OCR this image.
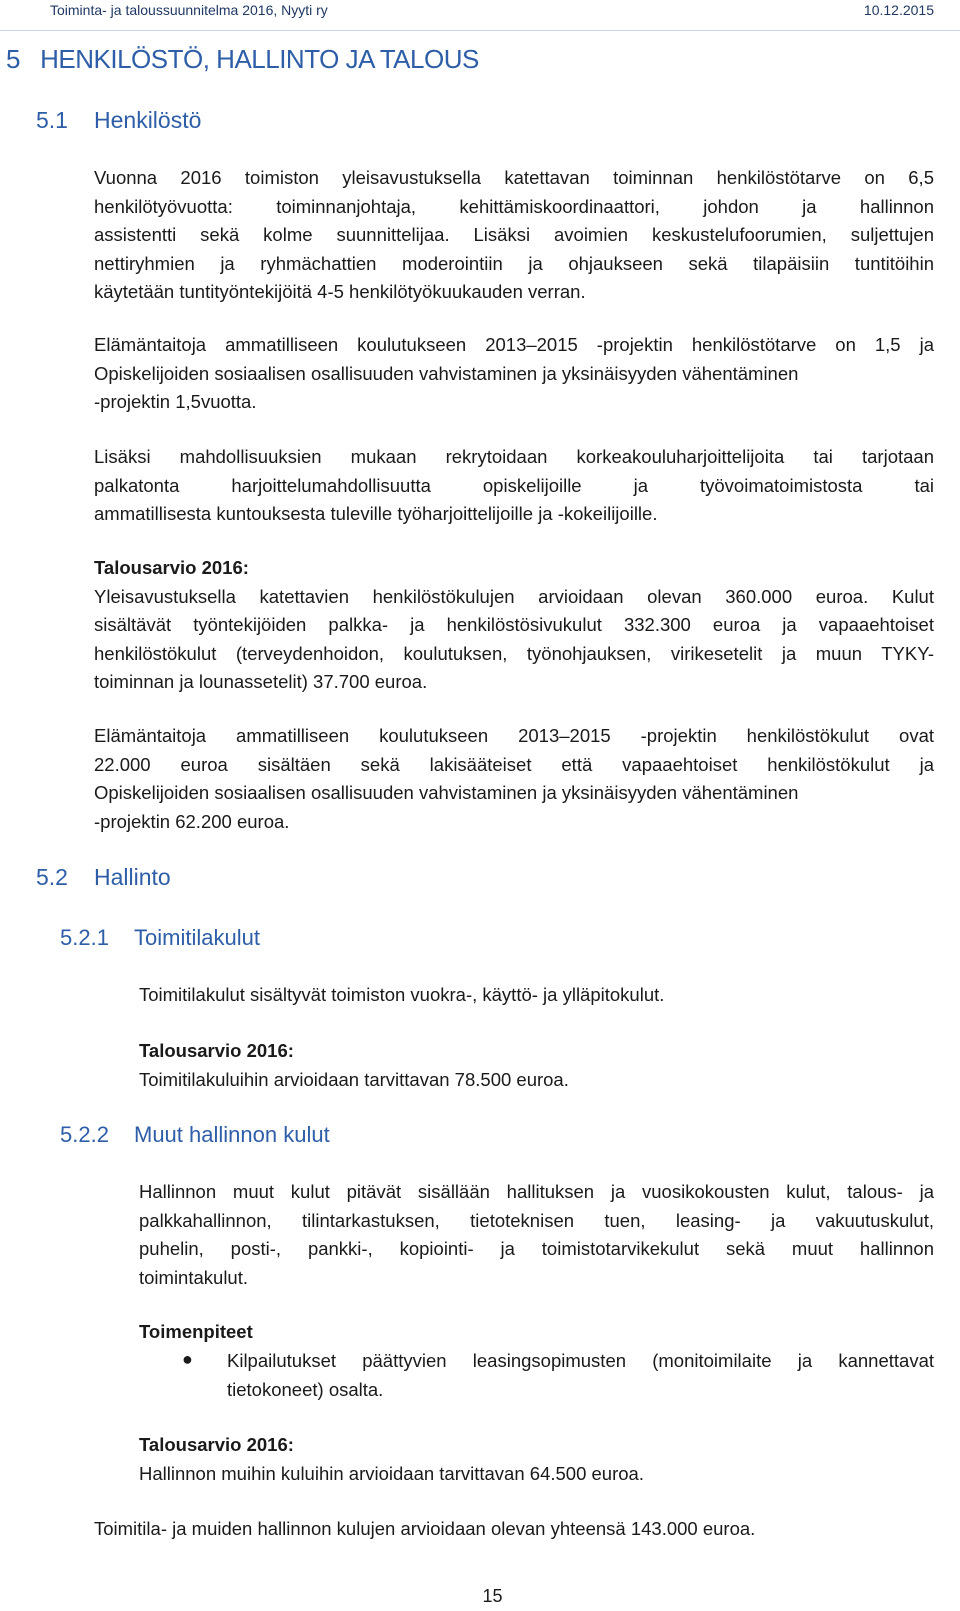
Toiminta- ja taloussuunnitelma 2016, Nyyti ry	10.12.2015
5   HENKILÖSTÖ, HALLINTO JA TALOUS
5.1 Henkilöstö
Vuonna 2016 toimiston yleisavustuksella katettavan toiminnan henkilöstötarve on 6,5
henkilötyövuotta: toiminnanjohtaja, kehittämiskoordinaattori, johdon ja hallinnon
assistentti sekä kolme suunnittelijaa. Lisäksi avoimien keskustelufoorumien, suljettujen
nettiryhmien ja ryhmächattien moderointiin ja ohjaukseen sekä tilapäisiin tuntitöihin
käytetään tuntityöntekijöitä 4-5 henkilötyökuukauden verran.
Elämäntaitoja ammatilliseen koulutukseen 2013–2015 -projektin henkilöstötarve on 1,5 ja
Opiskelijoiden sosiaalisen osallisuuden vahvistaminen ja yksinäisyyden vähentäminen
-projektin 1,5vuotta.
Lisäksi mahdollisuuksien mukaan rekrytoidaan korkeakouluharjoittelijoita tai tarjotaan
palkatonta harjoittelumahdollisuutta opiskelijoille ja työvoimatoimistosta tai
ammatillisesta kuntouksesta tuleville työharjoittelijoille ja -kokeilijoille.
Talousarvio 2016:
Yleisavustuksella katettavien henkilöstökulujen arvioidaan olevan 360.000 euroa. Kulut
sisältävät työntekijöiden palkka- ja henkilöstösivukulut 332.300 euroa ja vapaaehtoiset
henkilöstökulut (terveydenhoidon, koulutuksen, työnohjauksen, virikesetelit ja muun TYKY-
toiminnan ja lounassetelit) 37.700 euroa.
Elämäntaitoja ammatilliseen koulutukseen 2013–2015 -projektin henkilöstökulut ovat
22.000 euroa sisältäen sekä lakisääteiset että vapaaehtoiset henkilöstökulut ja
Opiskelijoiden sosiaalisen osallisuuden vahvistaminen ja yksinäisyyden vähentäminen
-projektin 62.200 euroa.
5.2 Hallinto
5.2.1 Toimitilakulut
Toimitilakulut sisältyvät toimiston vuokra-, käyttö- ja ylläpitokulut.
Talousarvio 2016:
Toimitilakuluihin arvioidaan tarvittavan 78.500 euroa.
5.2.2 Muut hallinnon kulut
Hallinnon muut kulut pitävät sisällään hallituksen ja vuosikokousten kulut, talous- ja
palkkahallinnon, tilintarkastuksen, tietoteknisen tuen, leasing- ja vakuutuskulut,
puhelin, posti-, pankki-, kopiointi- ja toimistotarvikekulut sekä muut hallinnon
toimintakulut.
Toimenpiteet
● Kilpailutukset päättyvien leasingsopimusten (monitoimilaite ja kannettavat
tietokoneet) osalta.
Talousarvio 2016:
Hallinnon muihin kuluihin arvioidaan tarvittavan 64.500 euroa.
Toimitila- ja muiden hallinnon kulujen arvioidaan olevan yhteensä 143.000 euroa.
15
